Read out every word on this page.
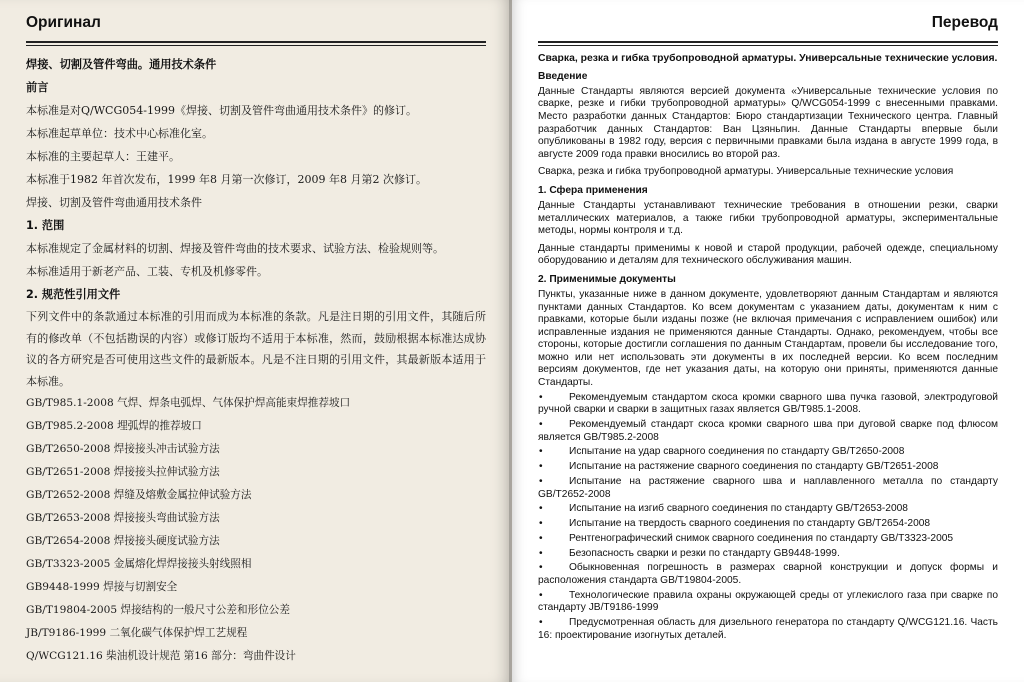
Оригинал

焊接、切割及管件弯曲。通用技术条件

前言

本标准是对Q/WCG054-1999《焊接、切割及管件弯曲通用技术条件》的修订。

本标准起草单位：技术中心标准化室。

本标准的主要起草人：王建平。

本标准于1982 年首次发布，1999 年8 月第一次修订，2009 年8 月第2 次修订。

焊接、切割及管件弯曲通用技术条件

1. 范围

本标准规定了金属材料的切割、焊接及管件弯曲的技术要求、试验方法、检验规则等。

本标准适用于新老产品、工装、专机及机修零件。

2. 规范性引用文件

下列文件中的条款通过本标准的引用而成为本标准的条款。凡是注日期的引用文件，其随后所有的修改单（不包括勘误的内容）或修订版均不适用于本标准，然而，鼓励根据本标准达成协议的各方研究是否可使用这些文件的最新版本。凡是不注日期的引用文件，其最新版本适用于本标准。

GB/T985.1-2008 气焊、焊条电弧焊、气体保护焊高能束焊推荐坡口

GB/T985.2-2008 埋弧焊的推荐坡口

GB/T2650-2008 焊接接头冲击试验方法

GB/T2651-2008 焊接接头拉伸试验方法

GB/T2652-2008 焊缝及熔敷金属拉伸试验方法

GB/T2653-2008 焊接接头弯曲试验方法

GB/T2654-2008 焊接接头硬度试验方法

GB/T3323-2005 金属熔化焊焊接接头射线照相

GB9448-1999 焊接与切割安全

GB/T19804-2005 焊接结构的一般尺寸公差和形位公差

JB/T9186-1999 二氧化碳气体保护焊工艺规程

Q/WCG121.16 柴油机设计规范 第16 部分：弯曲件设计

Перевод

Сварка, резка и гибка трубопроводной арматуры. Универсальные технические условия.

Введение

Данные Стандарты являются версией документа «Универсальные технические условия по сварке, резке и гибки трубопроводной арматуры» Q/WCG054-1999 с внесенными правками. Место разработки данных Стандартов: Бюро стандартизации Технического центра. Главный разработчик данных Стандартов: Ван Цзяньпин. Данные Стандарты впервые были опубликованы в 1982 году, версия с первичными правками была издана в августе 1999 года, в августе 2009 года правки вносились во второй раз.

Сварка, резка и гибка трубопроводной арматуры. Универсальные технические условия

1. Сфера применения

Данные Стандарты устанавливают технические требования в отношении резки, сварки металлических материалов, а также гибки трубопроводной арматуры, экспериментальные методы, нормы контроля и т.д.

Данные стандарты применимы к новой и старой продукции, рабочей одежде, специальному оборудованию и деталям для технического обслуживания машин.

2. Применимые документы

Пункты, указанные ниже в данном документе, удовлетворяют данным Стандартам и являются пунктами данных Стандартов. Ко всем документам с указанием даты, документам к ним с правками, которые были изданы позже (не включая примечания с исправлением ошибок) или исправленные издания не применяются данные Стандарты. Однако, рекомендуем, чтобы все стороны, которые достигли соглашения по данным Стандартам, провели бы исследование того, можно или нет использовать эти документы в их последней версии. Ко всем последним версиям документов, где нет указания даты, на которую они приняты, применяются данные Стандарты.

•	Рекомендуемым стандартом скоса кромки сварного шва пучка газовой, электродуговой ручной сварки и сварки в защитных газах является GB/T985.1-2008.
•	Рекомендуемый стандарт скоса кромки сварного шва при дуговой сварке под флюсом является GB/T985.2-2008
•	Испытание на удар сварного соединения по стандарту GB/T2650-2008
•	Испытание на растяжение сварного соединения по стандарту GB/T2651-2008
•	Испытание на растяжение сварного шва и наплавленного металла по стандарту GB/T2652-2008
•	Испытание на изгиб сварного соединения по стандарту GB/T2653-2008
•	Испытание на твердость сварного соединения по стандарту GB/T2654-2008
•	Рентгенографический снимок сварного соединения по стандарту GB/T3323-2005
•	Безопасность сварки и резки по стандарту GB9448-1999.
•	Обыкновенная погрешность в размерах сварной конструкции и допуск формы и расположения стандарта GB/T19804-2005.
•	Технологические правила охраны окружающей среды от углекислого газа при сварке по стандарту JB/T9186-1999
•	Предусмотренная область для дизельного генератора по стандарту Q/WCG121.16. Часть 16: проектирование изогнутых деталей.
